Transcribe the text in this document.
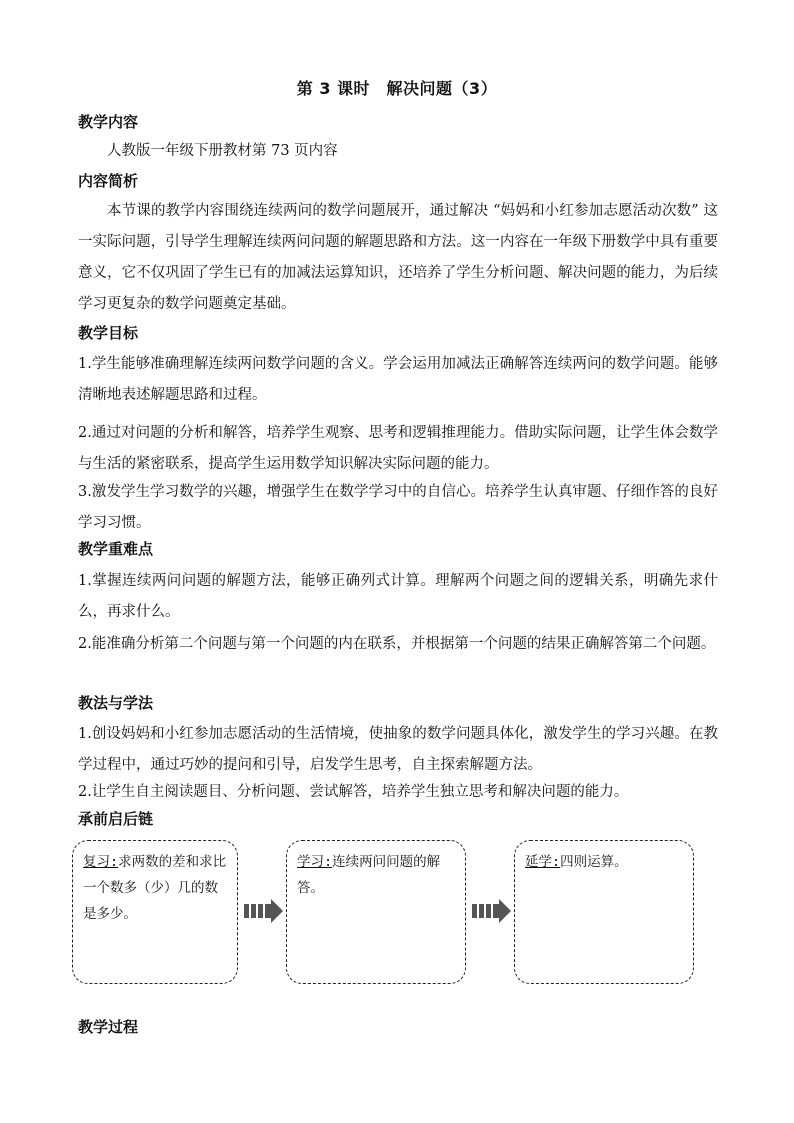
第 3 课时　解决问题（3）
教学内容
人教版一年级下册教材第 73 页内容
内容简析
本节课的教学内容围绕连续两问的数学问题展开，通过解决 “妈妈和小红参加志愿活动次数” 这一实际问题，引导学生理解连续两问问题的解题思路和方法。这一内容在一年级下册数学中具有重要意义，它不仅巩固了学生已有的加减法运算知识，还培养了学生分析问题、解决问题的能力，为后续学习更复杂的数学问题奠定基础。
教学目标
1.学生能够准确理解连续两问数学问题的含义。学会运用加减法正确解答连续两问的数学问题。能够清晰地表述解题思路和过程。
2.通过对问题的分析和解答，培养学生观察、思考和逻辑推理能力。借助实际问题，让学生体会数学与生活的紧密联系，提高学生运用数学知识解决实际问题的能力。
3.激发学生学习数学的兴趣，增强学生在数学学习中的自信心。培养学生认真审题、仔细作答的良好学习习惯。
教学重难点
1.掌握连续两问问题的解题方法，能够正确列式计算。理解两个问题之间的逻辑关系，明确先求什么，再求什么。
2.能准确分析第二个问题与第一个问题的内在联系，并根据第一个问题的结果正确解答第二个问题。
教法与学法
1.创设妈妈和小红参加志愿活动的生活情境，使抽象的数学问题具体化，激发学生的学习兴趣。在教学过程中，通过巧妙的提问和引导，启发学生思考，自主探索解题方法。
2.让学生自主阅读题目、分析问题、尝试解答，培养学生独立思考和解决问题的能力。
承前启后链
复习:求两数的差和求比一个数多（少）几的数是多少。
学习:连续两问问题的解答。
延学:四则运算。
教学过程
